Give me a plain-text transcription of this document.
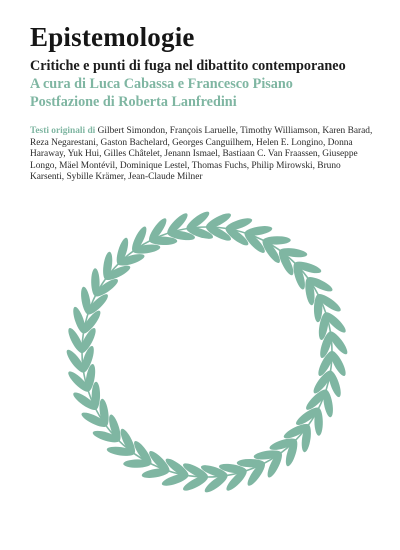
Epistemologie
Critiche e punti di fuga nel dibattito contemporaneo
A cura di Luca Cabassa e Francesco Pisano
Postfazione di Roberta Lanfredini
Testi originali di Gilbert Simondon, François Laruelle, Timothy Williamson, Karen Barad, Reza Negarestani, Gaston Bachelard, Georges Canguilhem, Helen E. Longino, Donna Haraway, Yuk Hui, Gilles Châtelet, Jenann Ismael, Bastiaan C. Van Fraassen, Giuseppe Longo, Mäel Montévil, Dominique Lestel, Thomas Fuchs, Philip Mirowski, Bruno Karsenti, Sybille Krämer, Jean-Claude Milner
